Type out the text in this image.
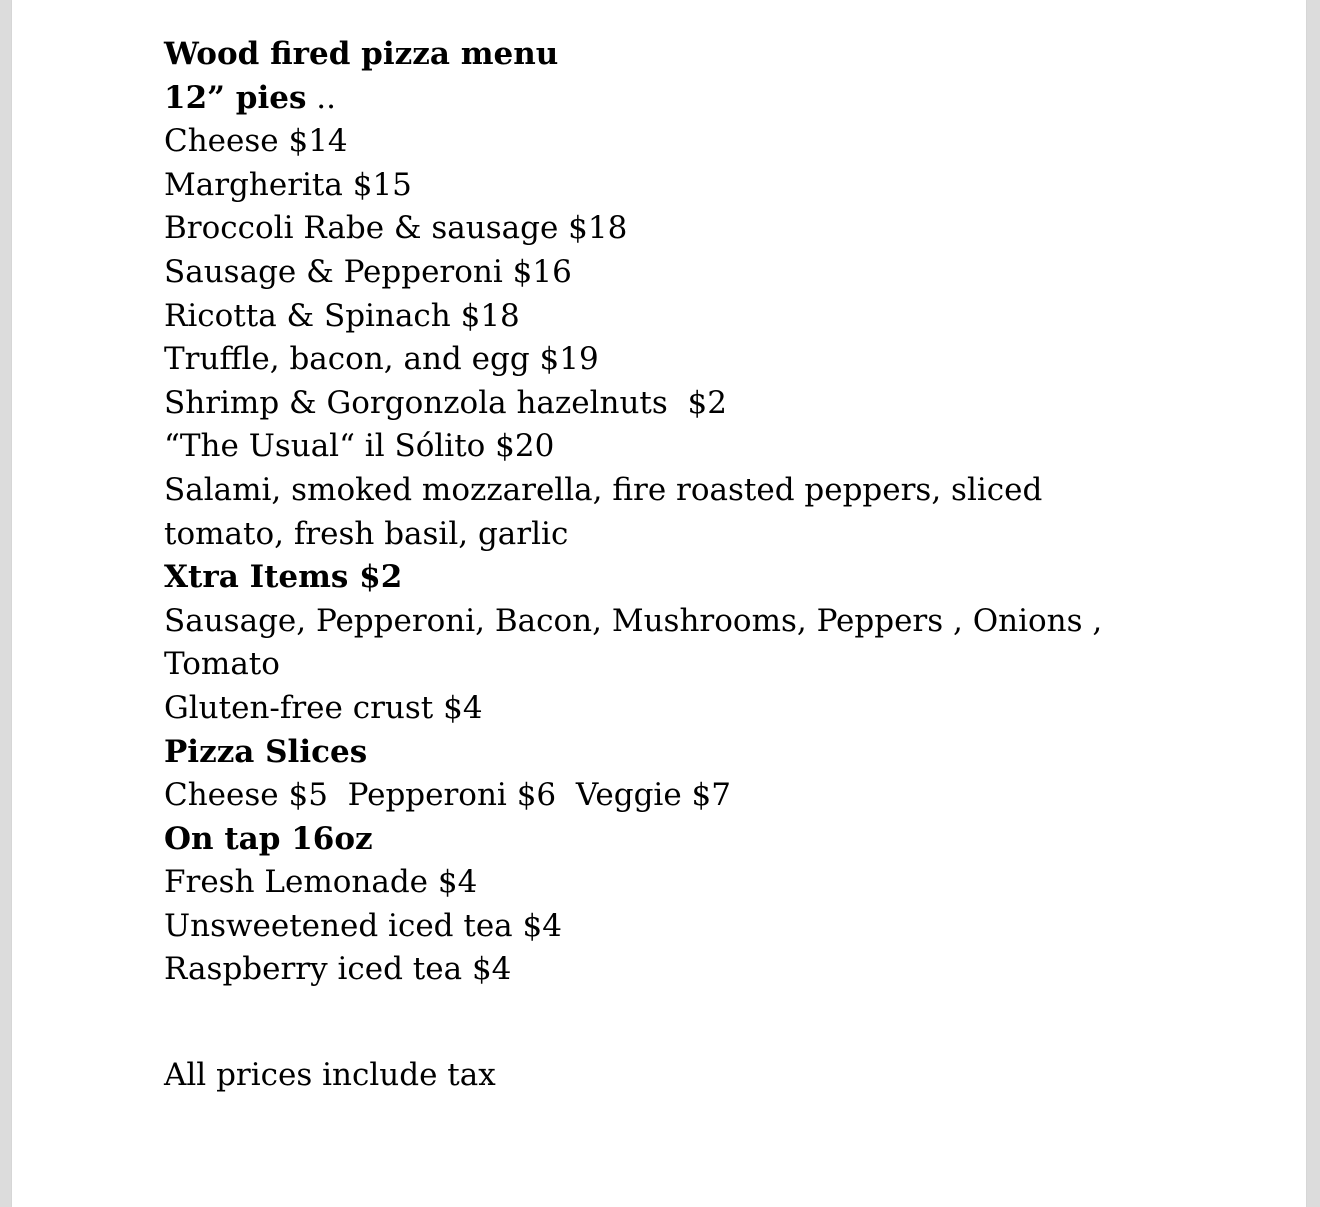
Wood fired pizza menu
12” pies ..
Cheese $14
Margherita $15
Broccoli Rabe & sausage $18
Sausage & Pepperoni $16
Ricotta & Spinach $18
Truffle, bacon, and egg $19
Shrimp & Gorgonzola hazelnuts  $2
“The Usual“ il Sólito $20
Salami, smoked mozzarella, fire roasted peppers, sliced
tomato, fresh basil, garlic
Xtra Items $2
Sausage, Pepperoni, Bacon, Mushrooms, Peppers , Onions ,
Tomato
Gluten-free crust $4
Pizza Slices
Cheese $5  Pepperoni $6  Veggie $7
On tap 16oz
Fresh Lemonade $4
Unsweetened iced tea $4
Raspberry iced tea $4
All prices include tax
